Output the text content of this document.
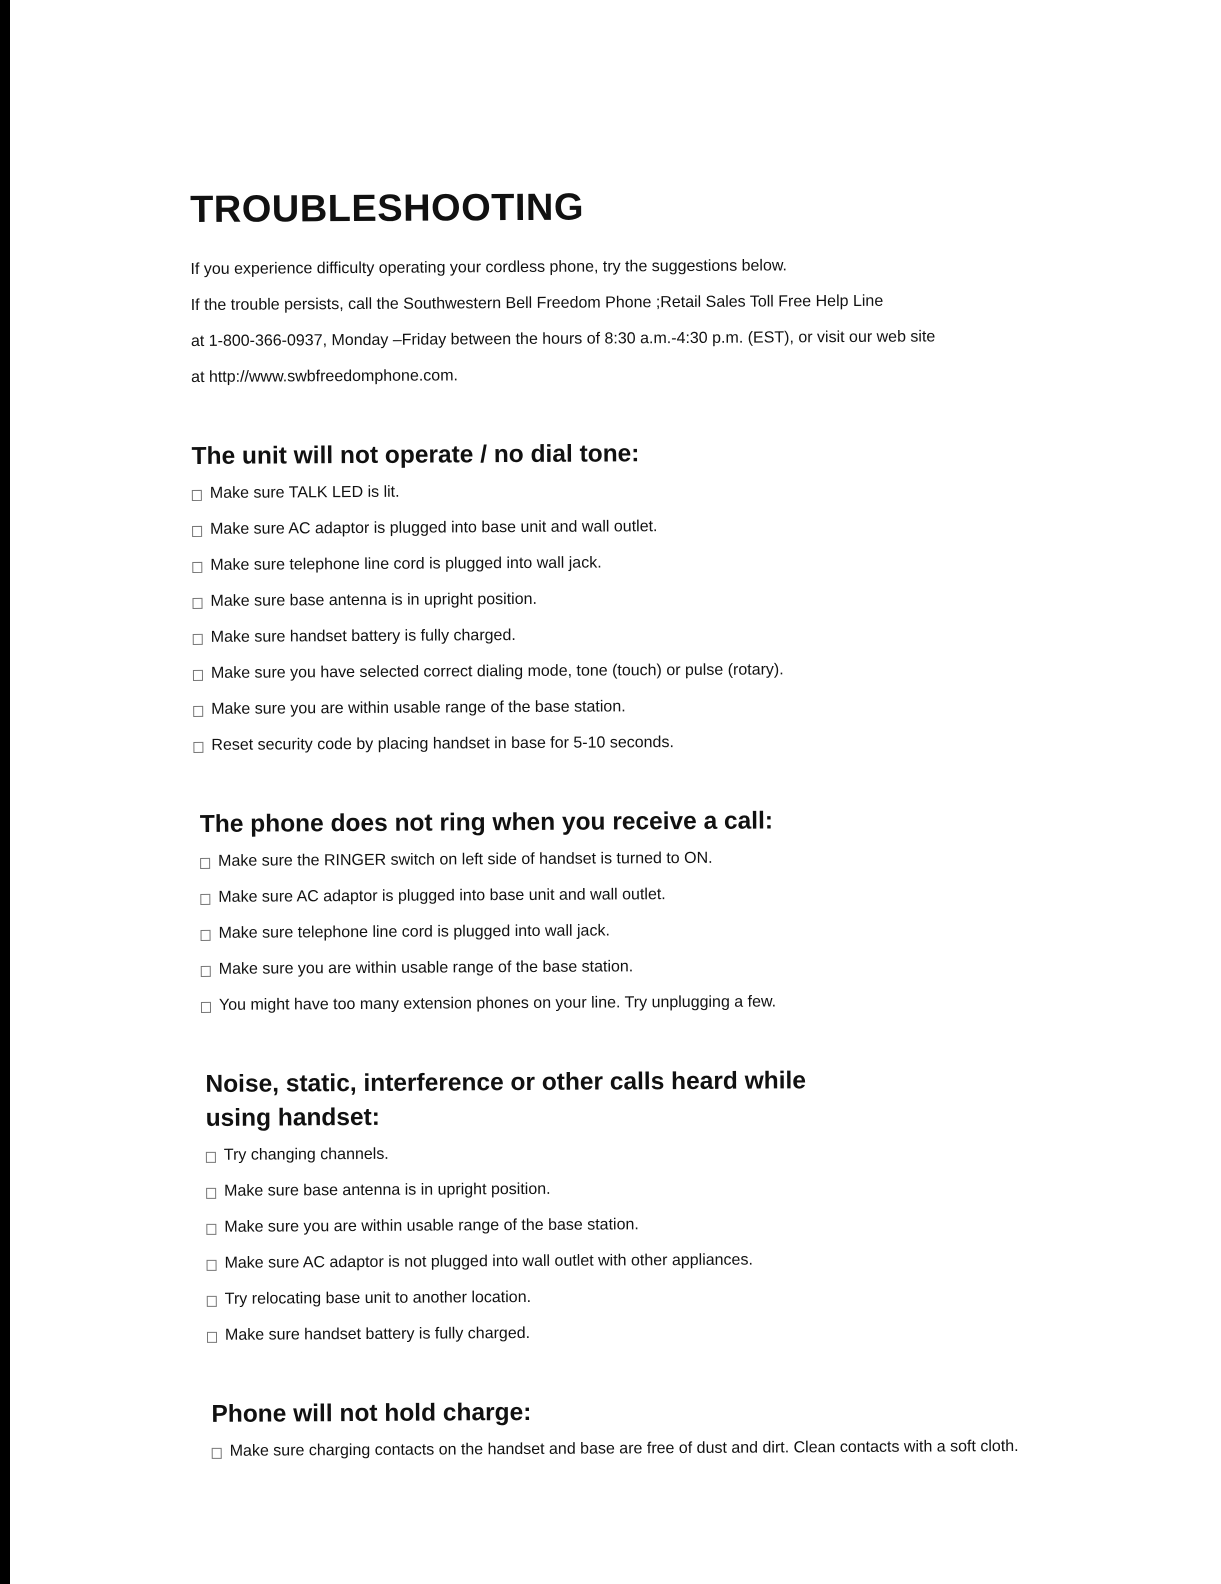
TROUBLESHOOTING

If you experience difficulty operating your cordless phone, try the suggestions below.

If the trouble persists, call the Southwestern Bell Freedom Phone ;Retail Sales Toll Free Help Line

at 1-800-366-0937, Monday –Friday between the hours of 8:30 a.m.-4:30 p.m. (EST), or visit our web site

at http://www.swbfreedomphone.com.

The unit will not operate / no dial tone:
Make sure TALK LED is lit.
Make sure AC adaptor is plugged into base unit and wall outlet.
Make sure telephone line cord is plugged into wall jack.
Make sure base antenna is in upright position.
Make sure handset battery is fully charged.
Make sure you have selected correct dialing mode, tone (touch) or pulse (rotary).
Make sure you are within usable range of the base station.
Reset security code by placing handset in base for 5-10 seconds.
The phone does not ring when you receive a call:
Make sure the RINGER switch on left side of handset is turned to ON.
Make sure AC adaptor is plugged into base unit and wall outlet.
Make sure telephone line cord is plugged into wall jack.
Make sure you are within usable range of the base station.
You might have too many extension phones on your line. Try unplugging a few.
Noise, static, interference or other calls heard while using handset:
Try changing channels.
Make sure base antenna is in upright position.
Make sure you are within usable range of the base station.
Make sure AC adaptor is not plugged into wall outlet with other appliances.
Try relocating base unit to another location.
Make sure handset battery is fully charged.
Phone will not hold charge:
Make sure charging contacts on the handset and base are free of dust and dirt. Clean contacts with a soft cloth.
